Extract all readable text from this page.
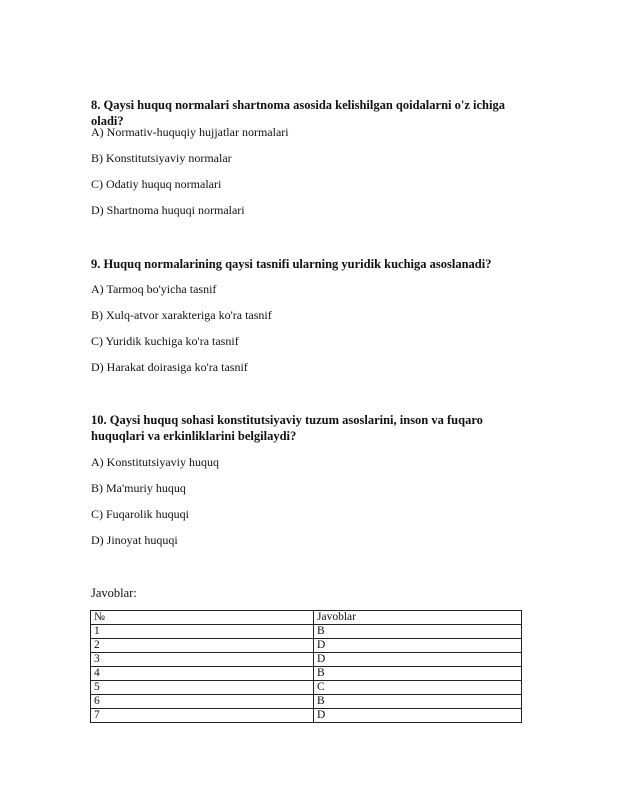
8. Qaysi huquq normalari shartnoma asosida kelishilgan qoidalarni o'z ichiga oladi?
A) Normativ-huquqiy hujjatlar normalari
B) Konstitutsiyaviy normalar
C) Odatiy huquq normalari
D) Shartnoma huquqi normalari
9. Huquq normalarining qaysi tasnifi ularning yuridik kuchiga asoslanadi?
A) Tarmoq bo'yicha tasnif
B) Xulq-atvor xarakteriga ko'ra tasnif
C) Yuridik kuchiga ko'ra tasnif
D) Harakat doirasiga ko'ra tasnif
10. Qaysi huquq sohasi konstitutsiyaviy tuzum asoslarini, inson va fuqaro huquqlari va erkinliklarini belgilaydi?
A) Konstitutsiyaviy huquq
B) Ma'muriy huquq
C) Fuqarolik huquqi
D) Jinoyat huquqi
Javoblar:
№	Javoblar
1	B
2	D
3	D
4	B
5	C
6	B
7	D
